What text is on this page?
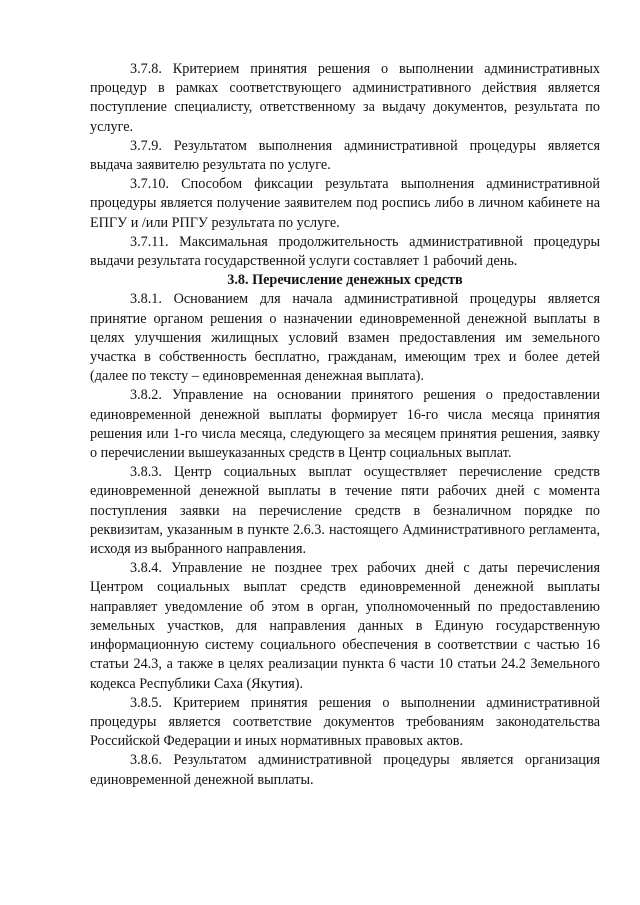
3.7.8. Критерием принятия решения о выполнении административных процедур в рамках соответствующего административного действия является поступление специалисту, ответственному за выдачу документов, результата по услуге.

3.7.9. Результатом выполнения административной процедуры является выдача заявителю результата по услуге.

3.7.10. Способом фиксации результата выполнения административной процедуры является получение заявителем под роспись либо в личном кабинете на ЕПГУ и /или РПГУ результата по услуге.

3.7.11. Максимальная продолжительность административной процедуры выдачи результата государственной услуги составляет 1 рабочий день.

3.8. Перечисление денежных средств

3.8.1. Основанием для начала административной процедуры является принятие органом решения о назначении единовременной денежной выплаты в целях улучшения жилищных условий взамен предоставления им земельного участка в собственность бесплатно, гражданам, имеющим трех и более детей (далее по тексту – единовременная денежная выплата).

3.8.2. Управление на основании принятого решения о предоставлении единовременной денежной выплаты формирует 16-го числа месяца принятия решения или 1-го числа месяца, следующего за месяцем принятия решения, заявку о перечислении вышеуказанных средств в Центр социальных выплат.

3.8.3. Центр социальных выплат осуществляет перечисление средств единовременной денежной выплаты в течение пяти рабочих дней с момента поступления заявки на перечисление средств в безналичном порядке по реквизитам, указанным в пункте 2.6.3. настоящего Административного регламента, исходя из выбранного направления.

3.8.4. Управление не позднее трех рабочих дней с даты перечисления Центром социальных выплат средств единовременной денежной выплаты направляет уведомление об этом в орган, уполномоченный по предоставлению земельных участков, для направления данных в Единую государственную информационную систему социального обеспечения в соответствии с частью 16 статьи 24.3, а также в целях реализации пункта 6 части 10 статьи 24.2 Земельного кодекса Республики Саха (Якутия).

3.8.5. Критерием принятия решения о выполнении административной процедуры является соответствие документов требованиям законодательства Российской Федерации и иных нормативных правовых актов.

3.8.6. Результатом административной процедуры является организация единовременной денежной выплаты.
